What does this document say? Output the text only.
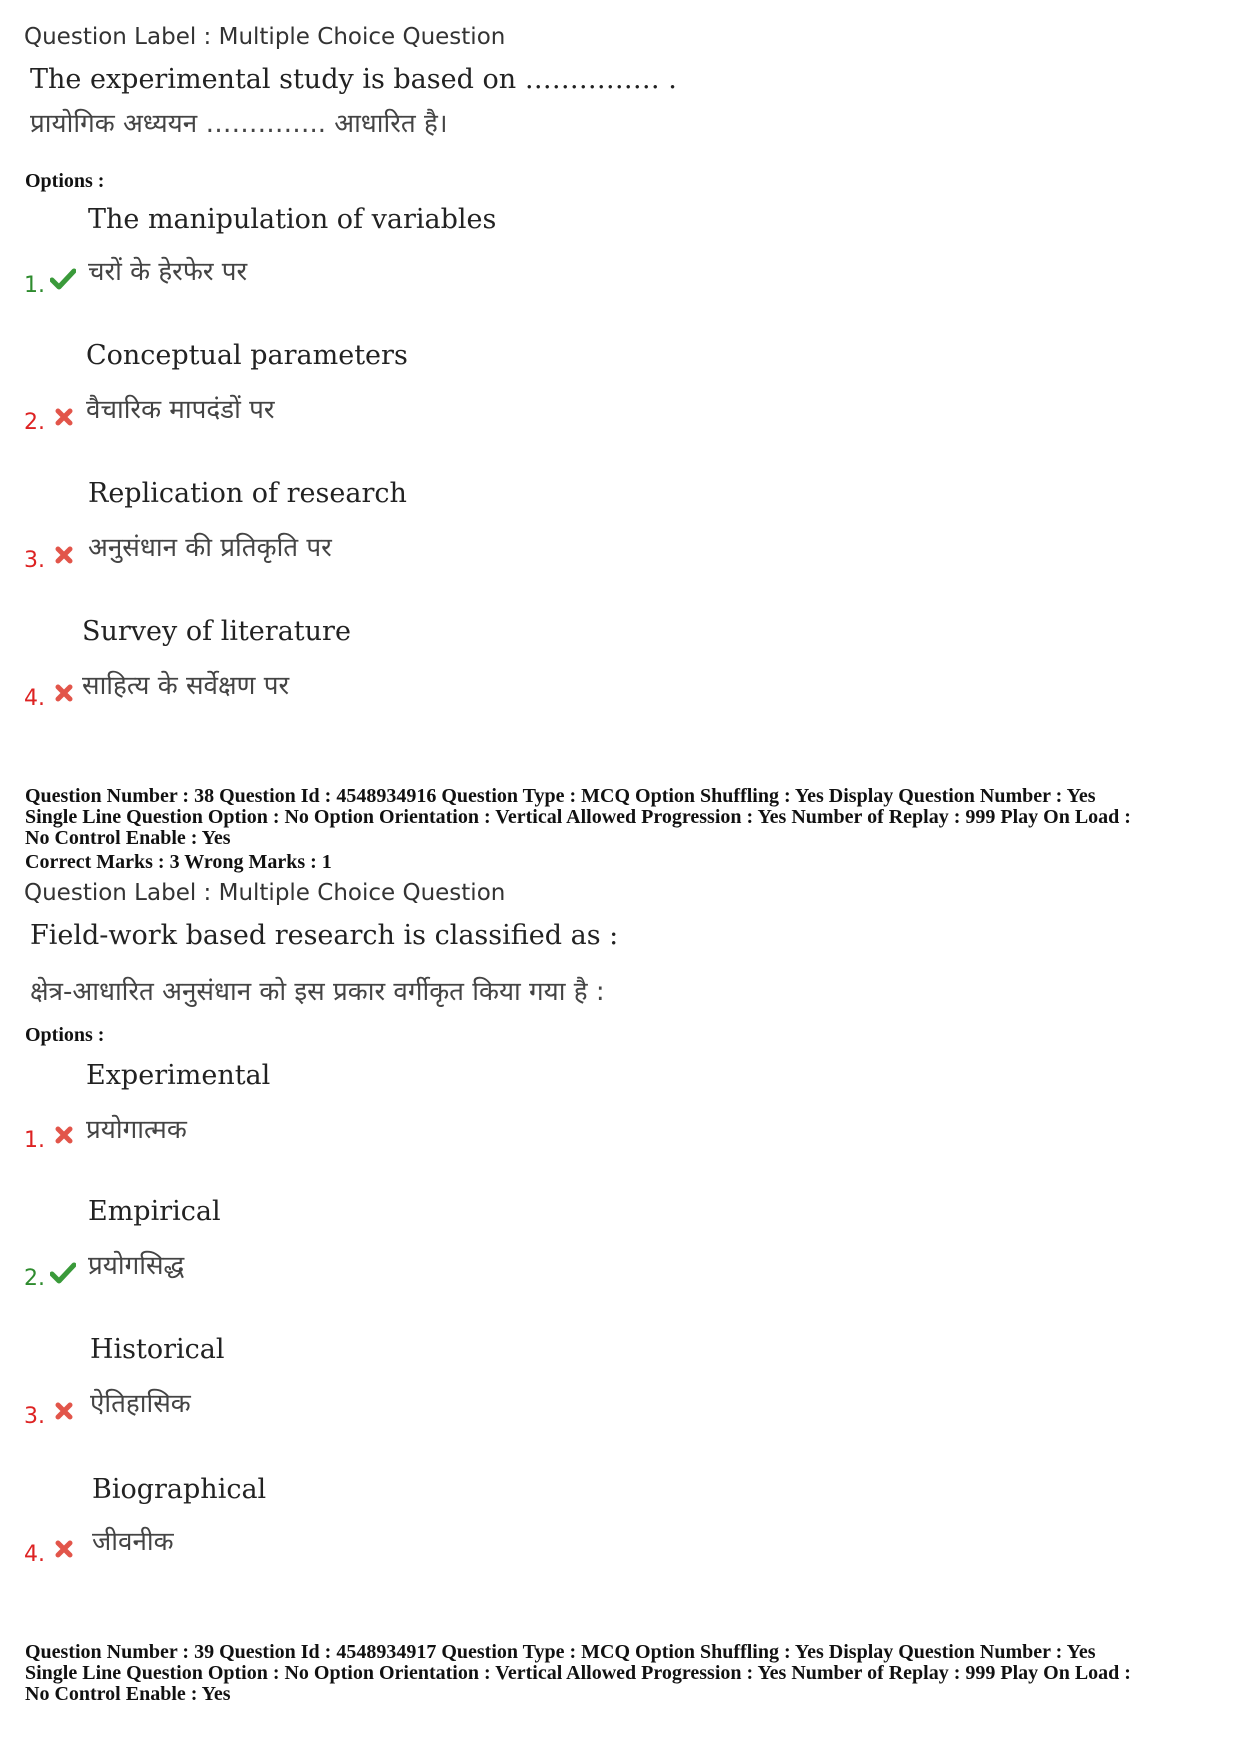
Question Label : Multiple Choice Question
The experimental study is based on …………… .
प्रायोगिक अध्ययन ………….. आधारित है।
Options :
The manipulation of variables
1. चरों के हेरफेर पर
Conceptual parameters
2. वैचारिक मापदंडों पर
Replication of research
3. अनुसंधान की प्रतिकृति पर
Survey of literature
4. साहित्य के सर्वेक्षण पर
Question Number : 38 Question Id : 4548934916 Question Type : MCQ Option Shuffling : Yes Display Question Number : Yes
Single Line Question Option : No Option Orientation : Vertical Allowed Progression : Yes Number of Replay : 999 Play On Load :
No Control Enable : Yes
Correct Marks : 3 Wrong Marks : 1
Question Label : Multiple Choice Question
Field-work based research is classified as :
क्षेत्र-आधारित अनुसंधान को इस प्रकार वर्गीकृत किया गया है :
Options :
Experimental
1. प्रयोगात्मक
Empirical
2. प्रयोगसिद्ध
Historical
3. ऐतिहासिक
Biographical
4. जीवनीक
Question Number : 39 Question Id : 4548934917 Question Type : MCQ Option Shuffling : Yes Display Question Number : Yes
Single Line Question Option : No Option Orientation : Vertical Allowed Progression : Yes Number of Replay : 999 Play On Load :
No Control Enable : Yes
